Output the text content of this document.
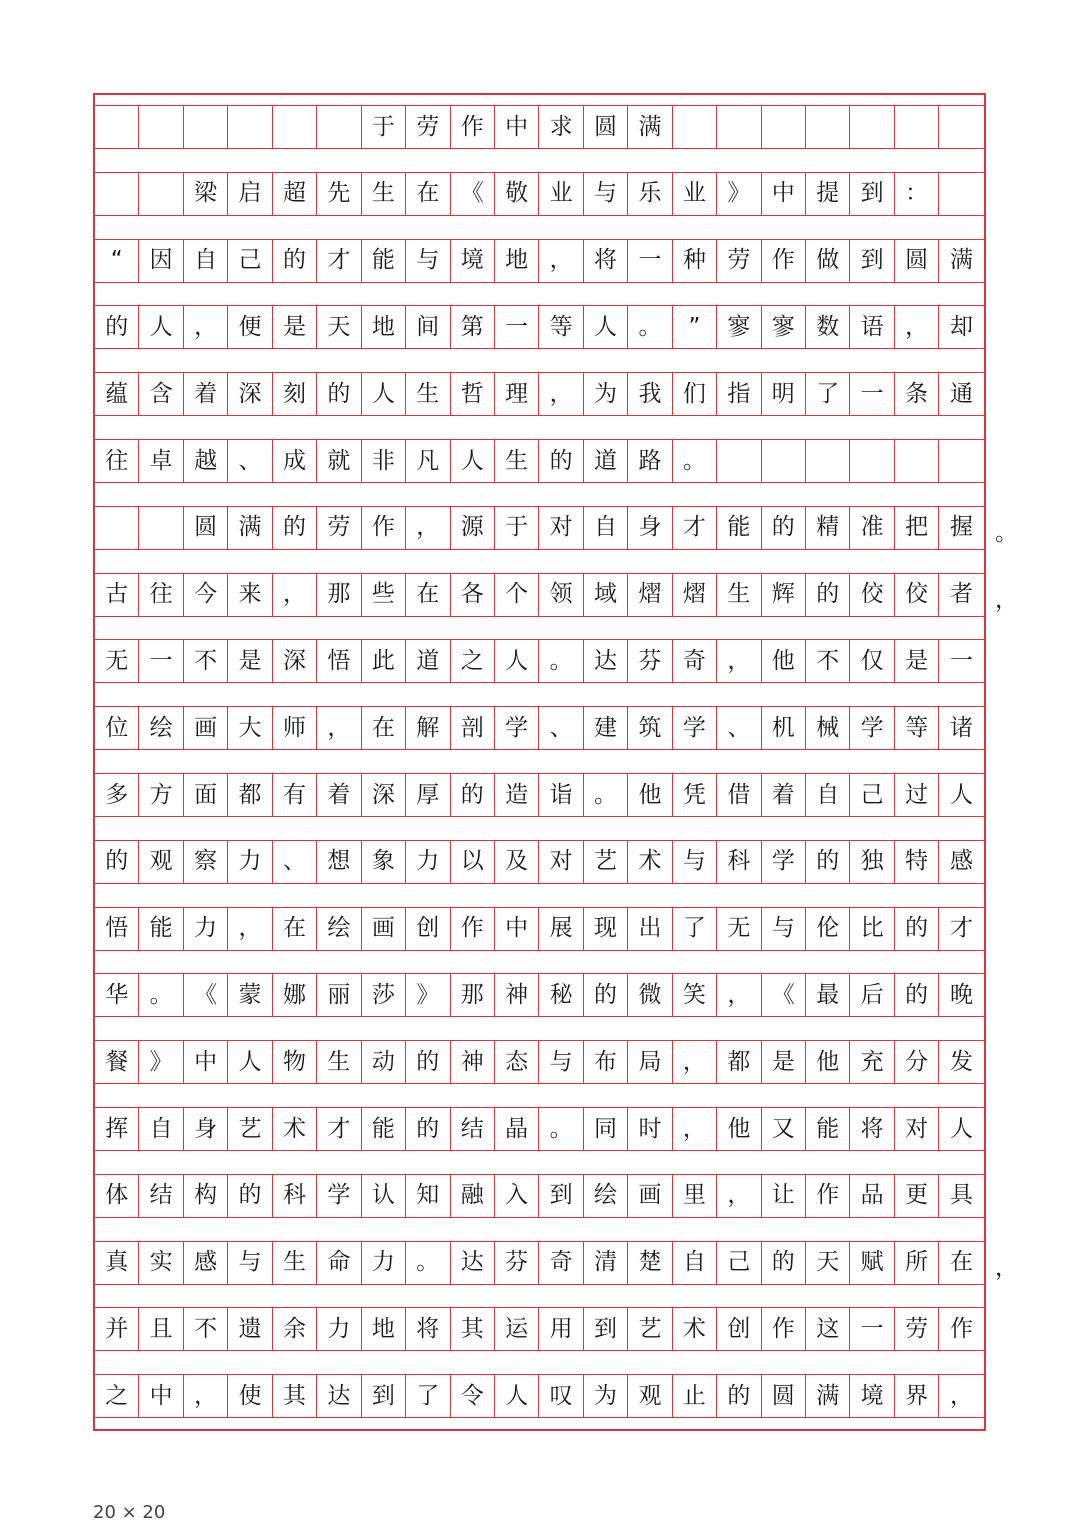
于 劳 作 中 求 圆 满
梁 启 超 先 生 在 《 敬 业 与 乐 业 》 中 提 到 ：
“	因 自 己 的 才 能 与 境 地 ， 将 一 种 劳 作 做 到 圆 满
的 人 ， 便 是 天 地 间 第 一 等 人 。	”	寥 寥 数 语 ， 却
蕴 含 着 深 刻 的 人 生 哲 理 ， 为 我 们 指 明 了 一 条 通
往 卓 越 、 成 就 非 凡 人 生 的 道 路 。
圆 满 的 劳 作 ， 源 于 对 自 身 才 能 的 精 准 把 握
古 往 今 来 ， 那 些 在 各 个 领 域 熠 熠 生 辉 的 佼 佼 者
无 一 不 是 深 悟 此 道 之 人 。 达 芬 奇 ， 他 不 仅 是 一
位 绘 画 大 师 ， 在 解 剖 学 、 建 筑 学 、 机 械 学 等 诸
多 方 面 都 有 着 深 厚 的 造 诣 。 他 凭 借 着 自 己 过 人
的 观 察 力 、 想 象 力 以 及 对 艺 术 与 科 学 的 独 特 感
悟 能 力 ， 在 绘 画 创 作 中 展 现 出 了 无 与 伦 比 的 才
华 。 《 蒙 娜 丽 莎 》 那 神 秘 的 微 笑 ， 《 最 后 的 晚
餐 》 中 人 物 生 动 的 神 态 与 布 局 ， 都 是 他 充 分 发
挥 自 身 艺 术 才 能 的 结 晶 。 同 时 ， 他 又 能 将 对 人
体 结 构 的 科 学 认 知 融 入 到 绘 画 里 ， 让 作 品 更 具
真 实 感 与 生 命 力 。 达 芬 奇 清 楚 自 己 的 天 赋 所 在
并 且 不 遗 余 力 地 将 其 运 用 到 艺 术 创 作 这 一 劳 作
之 中 ， 使 其 达 到 了 令 人 叹 为 观 止 的 圆 满 境 界 ，
。
，
，
20 × 20
